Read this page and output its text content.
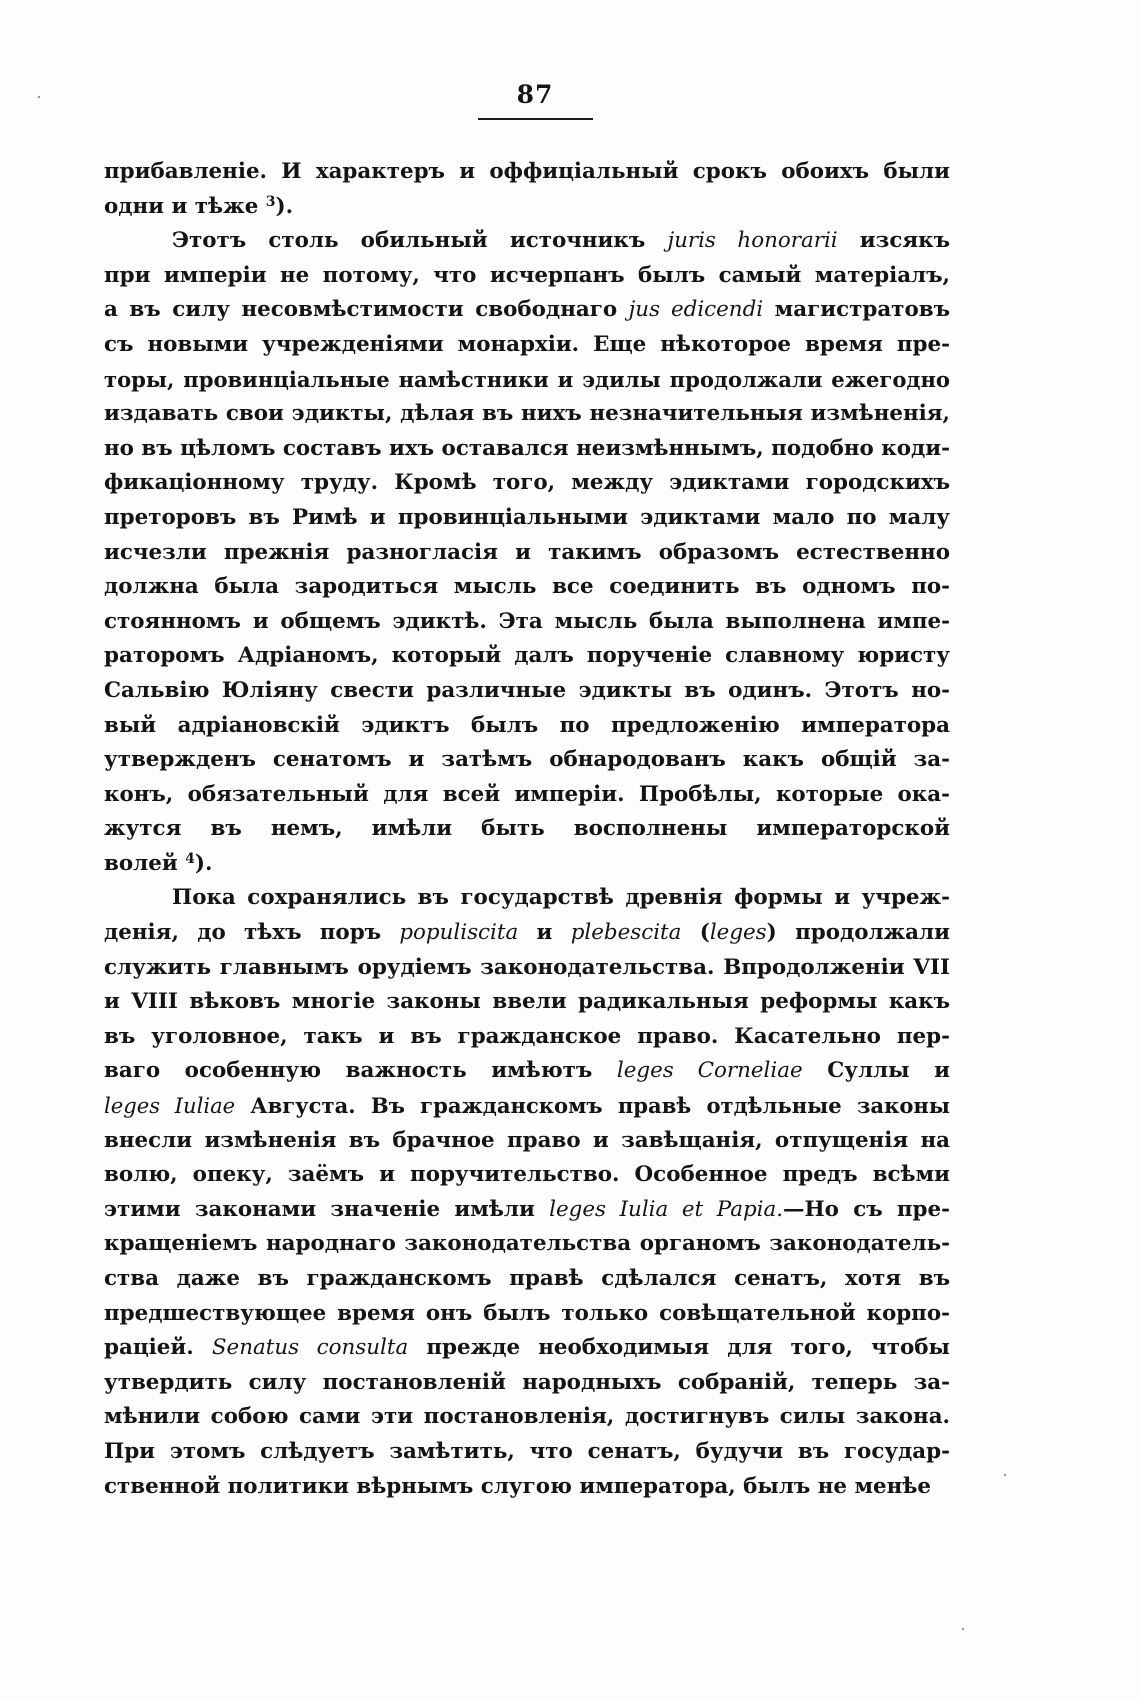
87
прибавленіе. И характеръ и оффиціальный срокъ обоихъ были
одни и тѣже $^3$).
Этотъ столь обильный источникъ juris honorarii изсякъ
при имперіи не потому, что исчерпанъ былъ самый матеріалъ,
а въ силу несовмѣстимости свободнаго jus edicendi магистратовъ
съ новыми учрежденіями монархіи. Еще нѣкоторое время пре-
торы, провинціальные намѣстники и эдилы продолжали ежегодно
издавать свои эдикты, дѣлая въ нихъ незначительныя измѣненія,
но въ цѣломъ составъ ихъ оставался неизмѣннымъ, подобно коди-
фикаціонному труду. Кромѣ того, между эдиктами городскихъ
преторовъ въ Римѣ и провинціальными эдиктами мало по малу
исчезли прежнія разногласія и такимъ образомъ естественно
должна была зародиться мысль все соединить въ одномъ по-
стоянномъ и общемъ эдиктѣ. Эта мысль была выполнена импе-
раторомъ Адріаномъ, который далъ порученіе славному юристу
Сальвію Юліяну свести различные эдикты въ одинъ. Этотъ но-
вый адріановскій эдиктъ былъ по предложенію императора
утвержденъ сенатомъ и затѣмъ обнародованъ какъ общій за-
конъ, обязательный для всей имперіи. Пробѣлы, которые ока-
жутся въ немъ, имѣли быть восполнены императорской
волей $^4$).
Пока сохранялись въ государствѣ древнія формы и учреж-
денія, до тѣхъ поръ populiscita и plebescita (leges) продолжали
служить главнымъ орудіемъ законодательства. Впродолженіи VII
и VIII вѣковъ многіе законы ввели радикальныя реформы какъ
въ уголовное, такъ и въ гражданское право. Касательно пер-
ваго особенную важность имѣютъ leges Corneliae Суллы и
leges Iuliae Августа. Въ гражданскомъ правѣ отдѣльные законы
внесли измѣненія въ брачное право и завѣщанія, отпущенія на
волю, опеку, заёмъ и поручительство. Особенное предъ всѣми
этими законами значеніе имѣли leges Iulia et Papia.—Но съ пре-
кращеніемъ народнаго законодательства органомъ законодатель-
ства даже въ гражданскомъ правѣ сдѣлался сенатъ, хотя въ
предшествующее время онъ былъ только совѣщательной корпо-
раціей. Senatus consulta прежде необходимыя для того, чтобы
утвердить силу постановленій народныхъ собраній, теперь за-
мѣнили собою сами эти постановленія, достигнувъ силы закона.
При этомъ слѣдуетъ замѣтить, что сенатъ, будучи въ государ-
ственной политики вѣрнымъ слугою императора, былъ не менѣе
